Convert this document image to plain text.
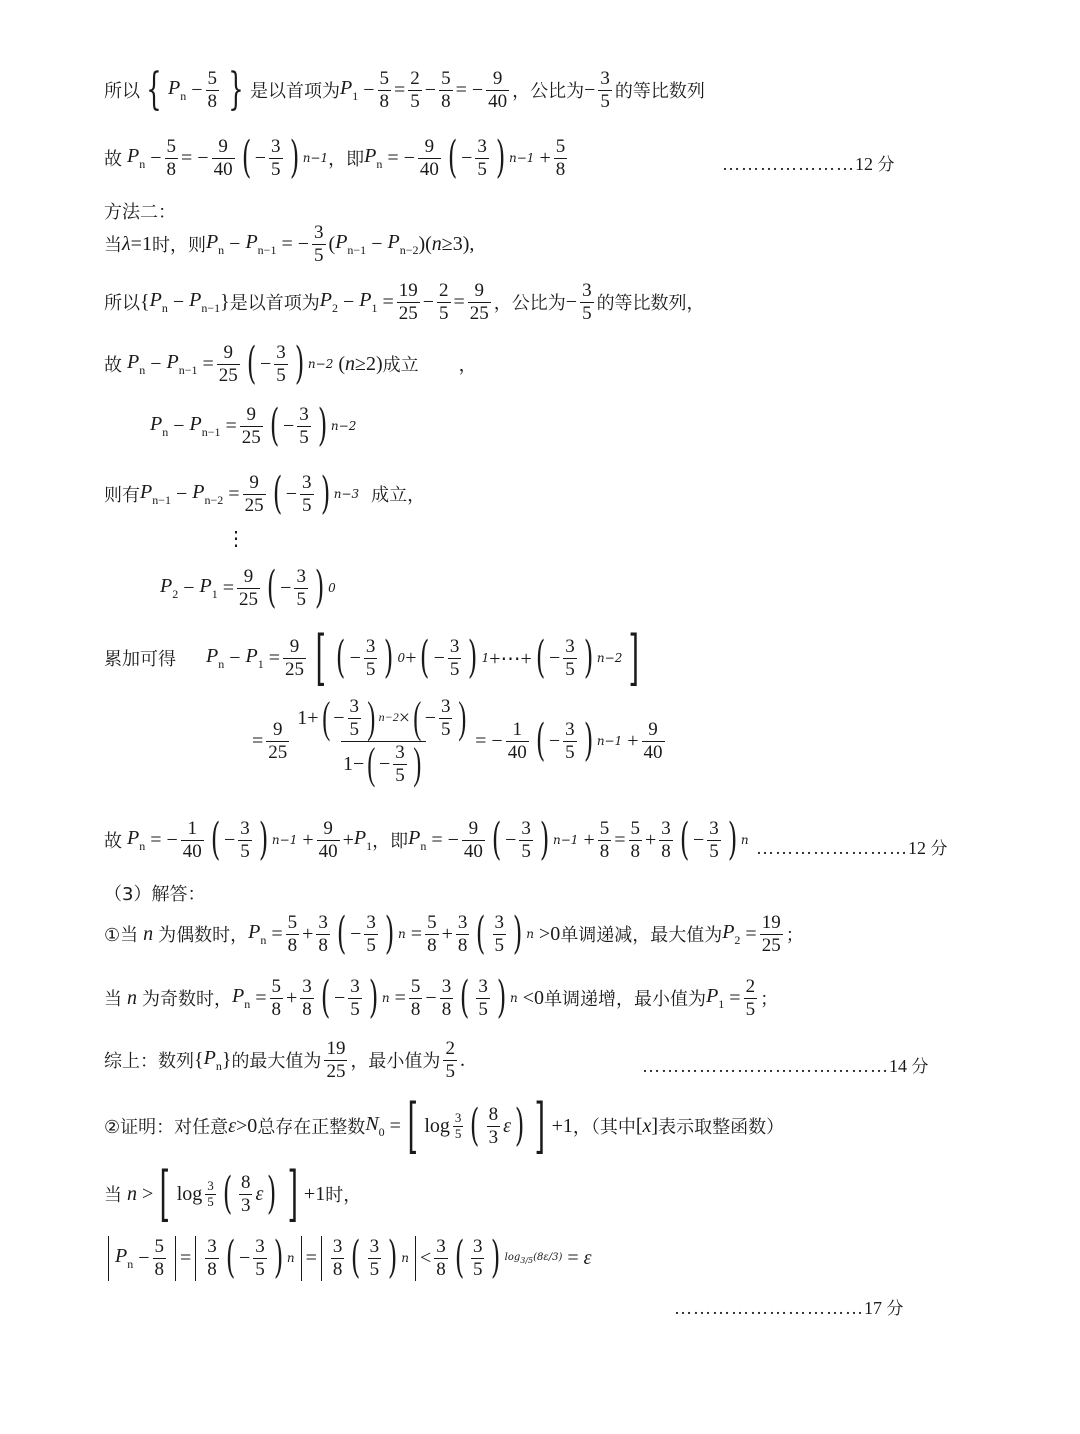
所以 { $P_n - \frac{5}{8}$ } 是以首项为 $P_1 - \frac{5}{8} = \frac{2}{5} - \frac{5}{8}$ = − $\frac{9}{40}$ ，公比为 − $\frac{3}{5}$ 的等比数列
故 $P_n - \frac{5}{8}$ = − $\frac{9}{40}$ ( − $\frac{3}{5}$ ) n−1 ，即 $P_n$ = − $\frac{9}{40}$ ( − $\frac{3}{5}$ ) $n-1 + \frac{5}{8}$	…………………12 分
方法二：
当 λ =1 时，则 $P_n - P_{n-1}$ = − $\frac{3}{5}$ ( $P_{n-1} - P_{n-2}$ )( n ≥3),
所以 { $P_n - P_{n-1}$ } 是以首项为 $P_2 - P_1 = \frac{19}{25} - \frac{2}{5} = \frac{9}{25}$ ，公比为 − $\frac{3}{5}$ 的等比数列，
故 $P_n - P_{n-1} = \frac{9}{25}$ ( − $\frac{3}{5}$ ) n−2 ( n ≥2) 成立 ，
$P_n - P_{n-1} = \frac{9}{25}$ ( − $\frac{3}{5}$ ) n−2
则有 $P_{n-1} - P_{n-2} = \frac{9}{25}$ ( − $\frac{3}{5}$ ) n−3 成立，
⋮
$P_2 - P_1 = \frac{9}{25}$ ( − $\frac{3}{5}$ ) 0
累加可得 $P_n - P_1 = \frac{9}{25}$ [ ( − $\frac{3}{5}$ ) 0 + ( − $\frac{3}{5}$ ) 1 +⋯+ ( − $\frac{3}{5}$ ) n−2 ]
= $\frac{9}{25} \frac{1+ ( - \frac{3}{5} ) n-2 \times ( - \frac{3}{5} )}{1- ( - \frac{3}{5} )}$ = − $\frac{1}{40}$ ( − $\frac{3}{5}$ ) $n-1 + \frac{9}{40}$
故 $P_n$ = − $\frac{1}{40}$ ( − $\frac{3}{5}$ ) $n-1 + \frac{9}{40} + P_1$ ，即 $P_n$ = − $\frac{9}{40}$ ( − $\frac{3}{5}$ ) $n-1 + \frac{5}{8} = \frac{5}{8} + \frac{3}{8}$ ( − $\frac{3}{5}$ ) n ……………………12 分
（3）解答：
①当 n 为偶数时， $P_n = \frac{5}{8} + \frac{3}{8}$ ( − $\frac{3}{5}$ ) $n = \frac{5}{8} + \frac{3}{8}$ ( $\frac{3}{5}$ ) n >0 单调递减，最大值为 $P_2 = \frac{19}{25}$ ；
当 n 为奇数时， $P_n = \frac{5}{8} + \frac{3}{8}$ ( − $\frac{3}{5}$ ) $n = \frac{5}{8} - \frac{3}{8}$ ( $\frac{3}{5}$ ) n <0 单调递增，最小值为 $P_1 = \frac{2}{5}$ ；
综上：数列 { $P_n$ } 的最大值为 $\frac{19}{25}$ ，最小值为 $\frac{2}{5}$ .	…………………………………14 分
②证明：对任意 ε >0 总存在正整数 $N_0$ = [ $\log \frac{3}{5}$ ( $\frac{8}{3}$ ε ) ] +1 ，（其中 [ x ] 表示取整函数）
当 n > [ $\log \frac{3}{5}$ ( $\frac{8}{3}$ ε ) ] +1 时，
$P_n - \frac{5}{8} = \frac{3}{8}$ ( − $\frac{3}{5}$ ) $n = \frac{3}{8}$ ( $\frac{3}{5}$ ) $n < \frac{3}{8}$ ( $\frac{3}{5}$ ) $\log_{3/5}(8\varepsilon/3) = \varepsilon$
…………………………17 分
